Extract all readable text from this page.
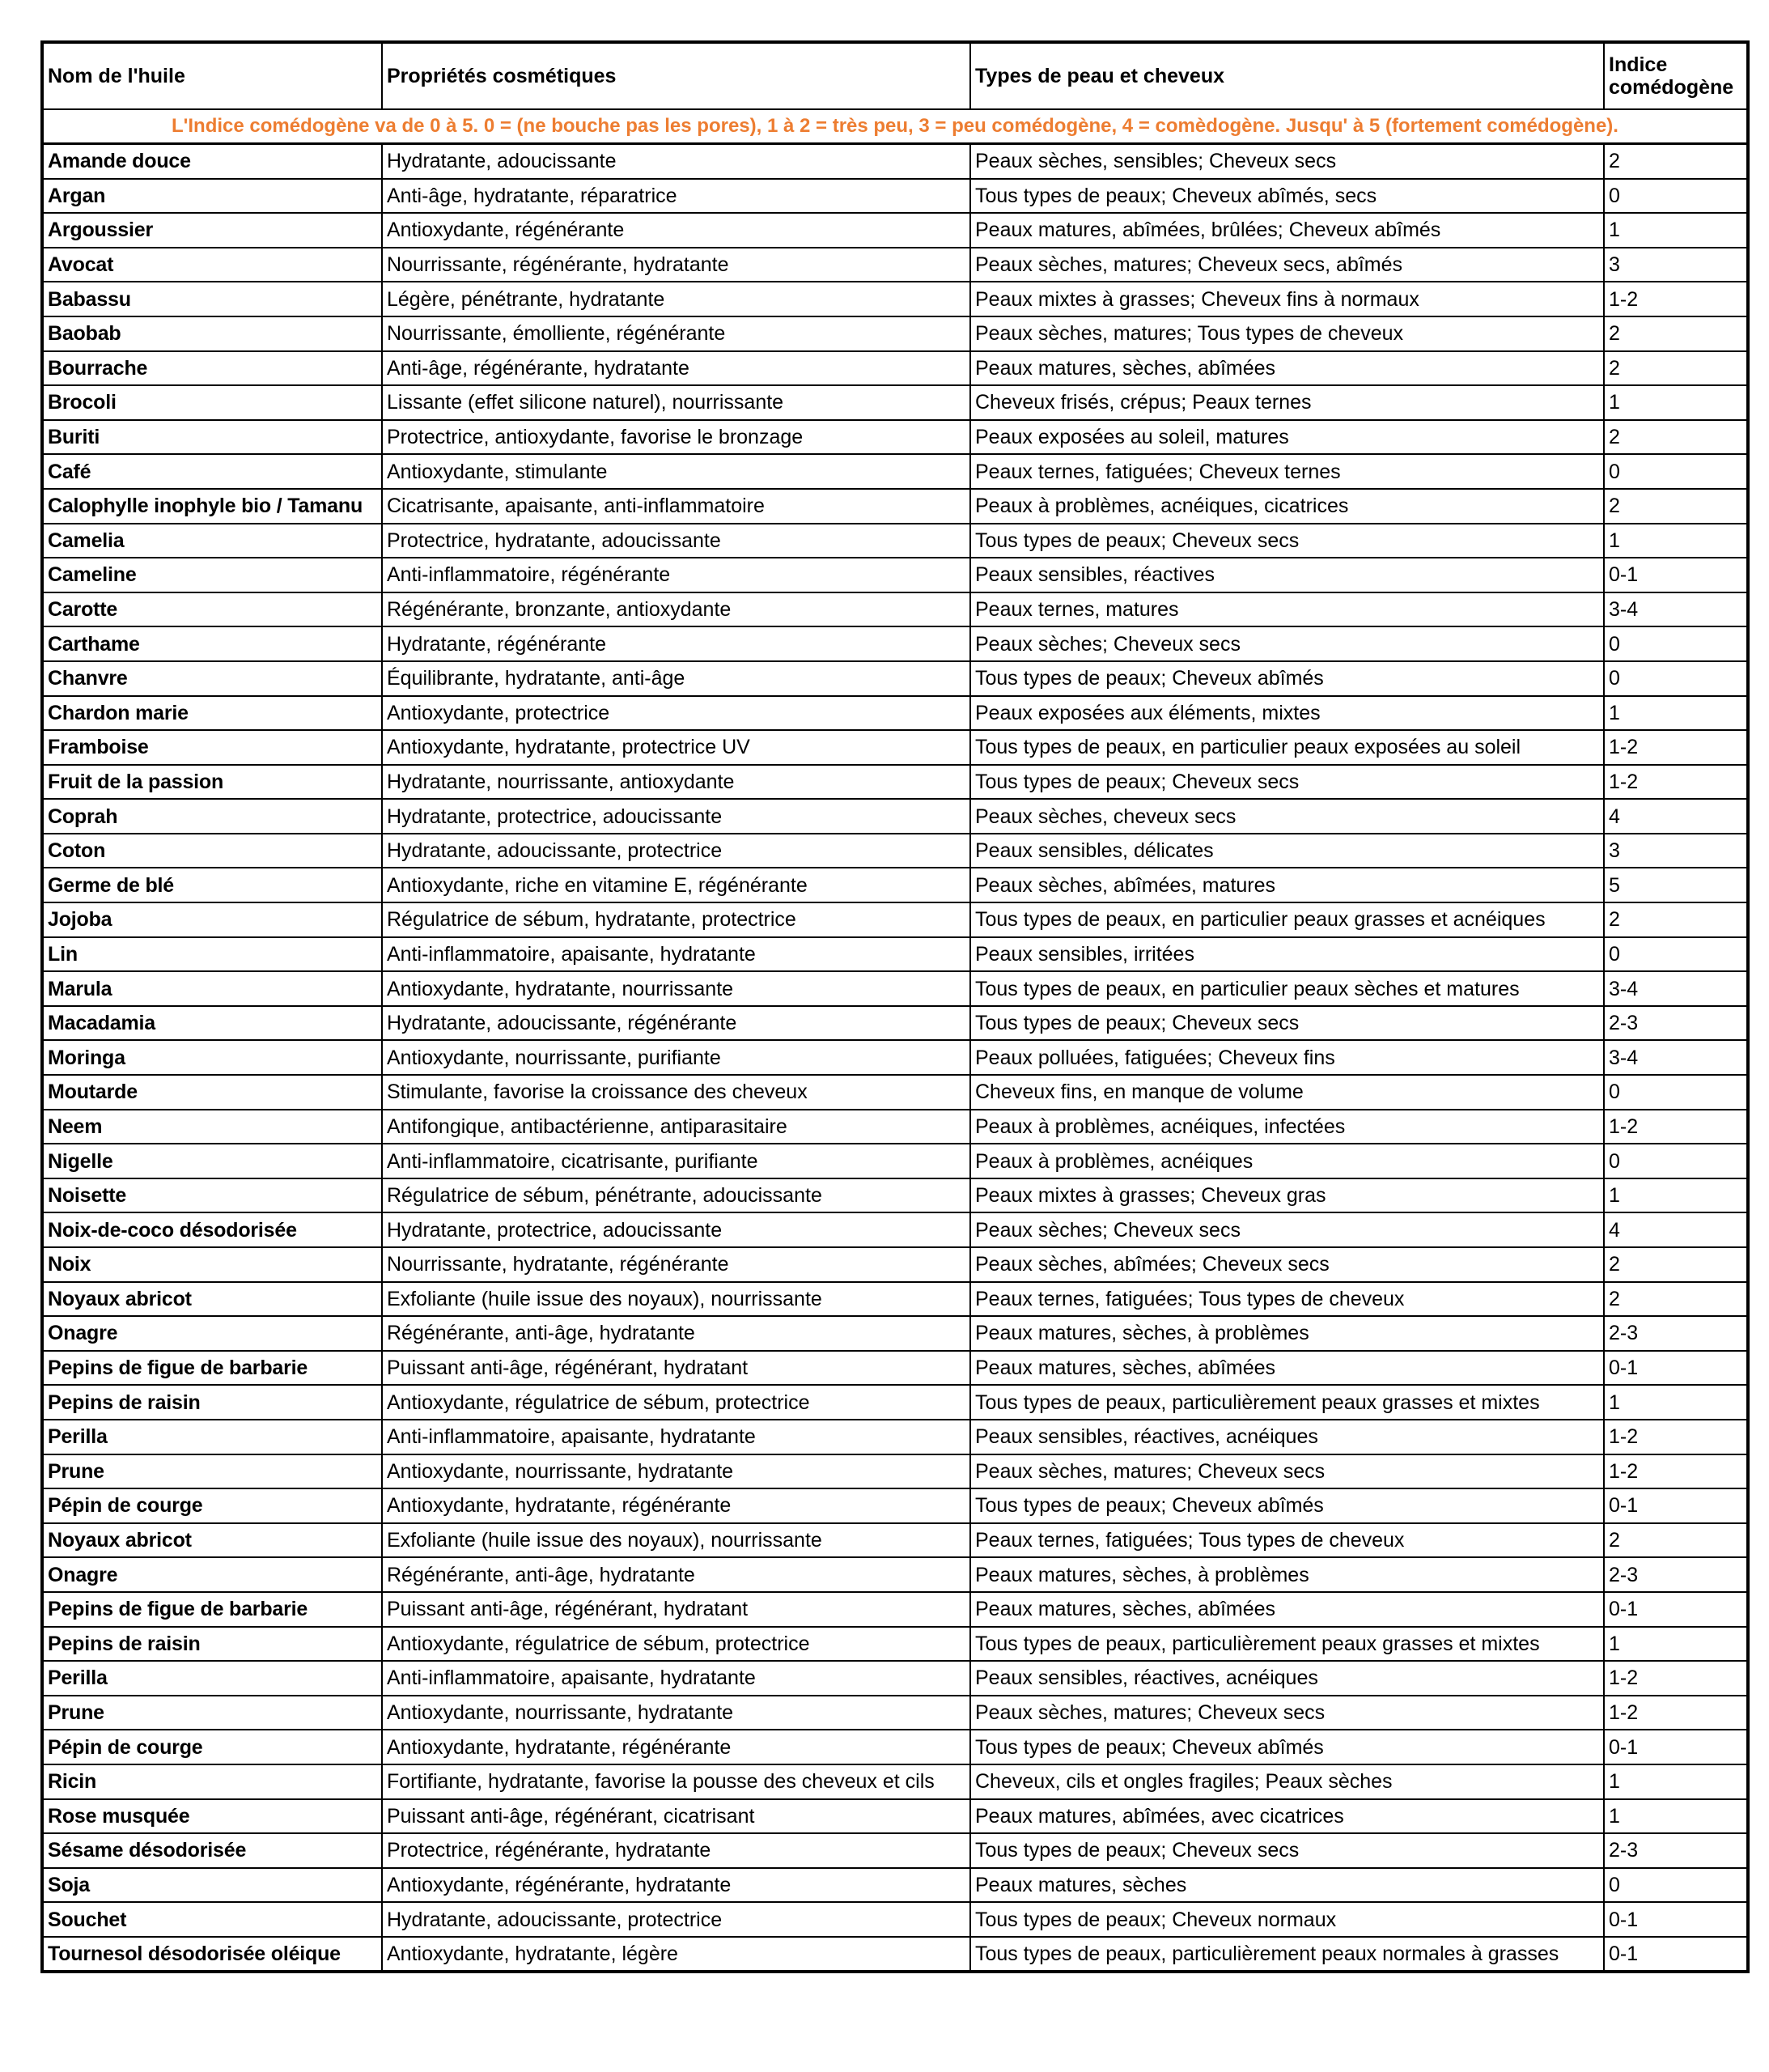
Nom de l'huile	Propriétés cosmétiques	Types de peau et cheveux	Indice comédogène
L'Indice comédogène va de 0 à 5. 0 = (ne bouche pas les pores), 1 à 2 = très peu, 3 = peu comédogène, 4 = comèdogène. Jusqu' à 5 (fortement comédogène).			
Amande douce	Hydratante, adoucissante	Peaux sèches, sensibles; Cheveux secs	2
Argan	Anti-âge, hydratante, réparatrice	Tous types de peaux; Cheveux abîmés, secs	0
Argoussier	Antioxydante, régénérante	Peaux matures, abîmées, brûlées; Cheveux abîmés	1
Avocat	Nourrissante, régénérante, hydratante	Peaux sèches, matures; Cheveux secs, abîmés	3
Babassu	Légère, pénétrante, hydratante	Peaux mixtes à grasses; Cheveux fins à normaux	1-2
Baobab	Nourrissante, émolliente, régénérante	Peaux sèches, matures; Tous types de cheveux	2
Bourrache	Anti-âge, régénérante, hydratante	Peaux matures, sèches, abîmées	2
Brocoli	Lissante (effet silicone naturel), nourrissante	Cheveux frisés, crépus; Peaux ternes	1
Buriti	Protectrice, antioxydante, favorise le bronzage	Peaux exposées au soleil, matures	2
Café	Antioxydante, stimulante	Peaux ternes, fatiguées; Cheveux ternes	0
Calophylle inophyle bio / Tamanu	Cicatrisante, apaisante, anti-inflammatoire	Peaux à problèmes, acnéiques, cicatrices	2
Camelia	Protectrice, hydratante, adoucissante	Tous types de peaux; Cheveux secs	1
Cameline	Anti-inflammatoire, régénérante	Peaux sensibles, réactives	0-1
Carotte	Régénérante, bronzante, antioxydante	Peaux ternes, matures	3-4
Carthame	Hydratante, régénérante	Peaux sèches; Cheveux secs	0
Chanvre	Équilibrante, hydratante, anti-âge	Tous types de peaux; Cheveux abîmés	0
Chardon marie	Antioxydante, protectrice	Peaux exposées aux éléments, mixtes	1
Framboise	Antioxydante, hydratante, protectrice UV	Tous types de peaux, en particulier peaux exposées au soleil	1-2
Fruit de la passion	Hydratante, nourrissante, antioxydante	Tous types de peaux; Cheveux secs	1-2
Coprah	Hydratante, protectrice, adoucissante	Peaux sèches, cheveux secs	4
Coton	Hydratante, adoucissante, protectrice	Peaux sensibles, délicates	3
Germe de blé	Antioxydante, riche en vitamine E, régénérante	Peaux sèches, abîmées, matures	5
Jojoba	Régulatrice de sébum, hydratante, protectrice	Tous types de peaux, en particulier peaux grasses et acnéiques	2
Lin	Anti-inflammatoire, apaisante, hydratante	Peaux sensibles, irritées	0
Marula	Antioxydante, hydratante, nourrissante	Tous types de peaux, en particulier peaux sèches et matures	3-4
Macadamia	Hydratante, adoucissante, régénérante	Tous types de peaux; Cheveux secs	2-3
Moringa	Antioxydante, nourrissante, purifiante	Peaux polluées, fatiguées; Cheveux fins	3-4
Moutarde	Stimulante, favorise la croissance des cheveux	Cheveux fins, en manque de volume	0
Neem	Antifongique, antibactérienne, antiparasitaire	Peaux à problèmes, acnéiques, infectées	1-2
Nigelle	Anti-inflammatoire, cicatrisante, purifiante	Peaux à problèmes, acnéiques	0
Noisette	Régulatrice de sébum, pénétrante, adoucissante	Peaux mixtes à grasses; Cheveux gras	1
Noix-de-coco désodorisée	Hydratante, protectrice, adoucissante	Peaux sèches; Cheveux secs	4
Noix	Nourrissante, hydratante, régénérante	Peaux sèches, abîmées; Cheveux secs	2
Noyaux abricot	Exfoliante (huile issue des noyaux), nourrissante	Peaux ternes, fatiguées; Tous types de cheveux	2
Onagre	Régénérante, anti-âge, hydratante	Peaux matures, sèches, à problèmes	2-3
Pepins de figue de barbarie	Puissant anti-âge, régénérant, hydratant	Peaux matures, sèches, abîmées	0-1
Pepins de raisin	Antioxydante, régulatrice de sébum, protectrice	Tous types de peaux, particulièrement peaux grasses et mixtes	1
Perilla	Anti-inflammatoire, apaisante, hydratante	Peaux sensibles, réactives, acnéiques	1-2
Prune	Antioxydante, nourrissante, hydratante	Peaux sèches, matures; Cheveux secs	1-2
Pépin de courge	Antioxydante, hydratante, régénérante	Tous types de peaux; Cheveux abîmés	0-1
Noyaux abricot	Exfoliante (huile issue des noyaux), nourrissante	Peaux ternes, fatiguées; Tous types de cheveux	2
Onagre	Régénérante, anti-âge, hydratante	Peaux matures, sèches, à problèmes	2-3
Pepins de figue de barbarie	Puissant anti-âge, régénérant, hydratant	Peaux matures, sèches, abîmées	0-1
Pepins de raisin	Antioxydante, régulatrice de sébum, protectrice	Tous types de peaux, particulièrement peaux grasses et mixtes	1
Perilla	Anti-inflammatoire, apaisante, hydratante	Peaux sensibles, réactives, acnéiques	1-2
Prune	Antioxydante, nourrissante, hydratante	Peaux sèches, matures; Cheveux secs	1-2
Pépin de courge	Antioxydante, hydratante, régénérante	Tous types de peaux; Cheveux abîmés	0-1
Ricin	Fortifiante, hydratante, favorise la pousse des cheveux et cils	Cheveux, cils et ongles fragiles; Peaux sèches	1
Rose musquée	Puissant anti-âge, régénérant, cicatrisant	Peaux matures, abîmées, avec cicatrices	1
Sésame désodorisée	Protectrice, régénérante, hydratante	Tous types de peaux; Cheveux secs	2-3
Soja	Antioxydante, régénérante, hydratante	Peaux matures, sèches	0
Souchet	Hydratante, adoucissante, protectrice	Tous types de peaux; Cheveux normaux	0-1
Tournesol désodorisée oléique	Antioxydante, hydratante, légère	Tous types de peaux, particulièrement peaux normales à grasses	0-1
